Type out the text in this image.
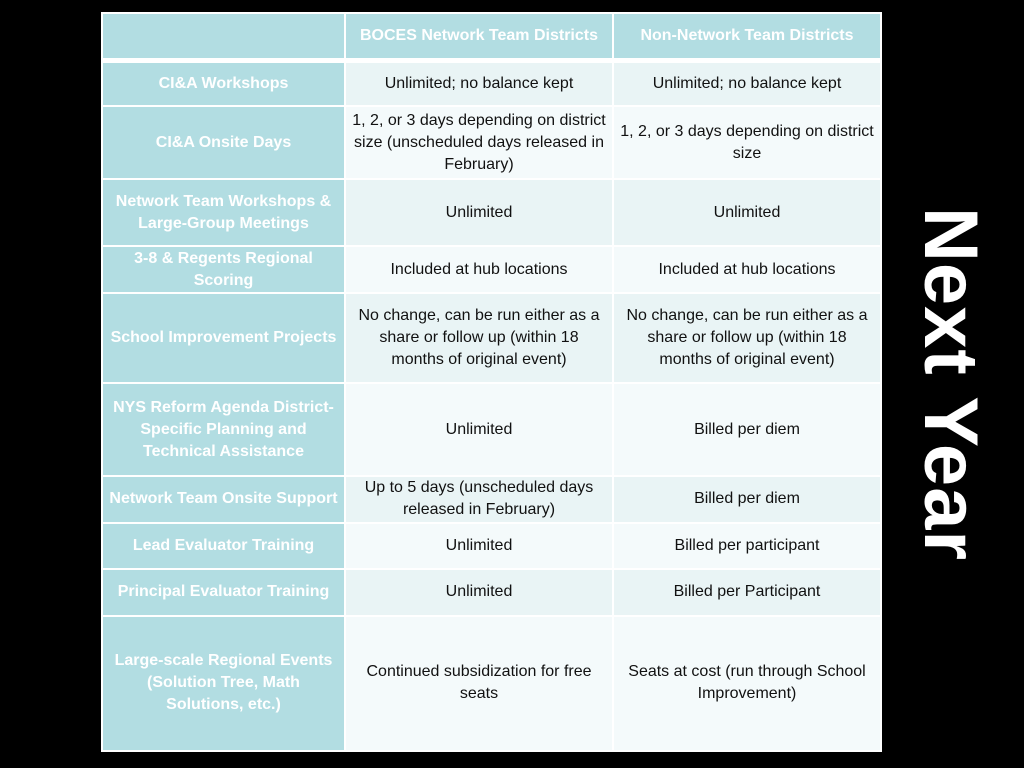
	BOCES Network Team Districts	Non-Network Team Districts
CI&A Workshops	Unlimited; no balance kept	Unlimited; no balance kept
CI&A Onsite Days	1, 2, or 3 days depending on district size (unscheduled days released in February)	1, 2, or 3 days depending on district size
Network Team Workshops & Large-Group Meetings	Unlimited	Unlimited
3-8 & Regents Regional Scoring	Included at hub locations	Included at hub locations
School Improvement Projects	No change, can be run either as a share or follow up (within 18 months of original event)	No change, can be run either as a share or follow up (within 18 months of original event)
NYS Reform Agenda District-Specific Planning and Technical Assistance	Unlimited	Billed per diem
Network Team Onsite Support	Up to 5 days (unscheduled days released in February)	Billed per diem
Lead Evaluator Training	Unlimited	Billed per participant
Principal Evaluator Training	Unlimited	Billed per Participant
Large-scale Regional Events (Solution Tree, Math Solutions, etc.)	Continued subsidization for free seats	Seats at cost (run through School Improvement)
Next Year
